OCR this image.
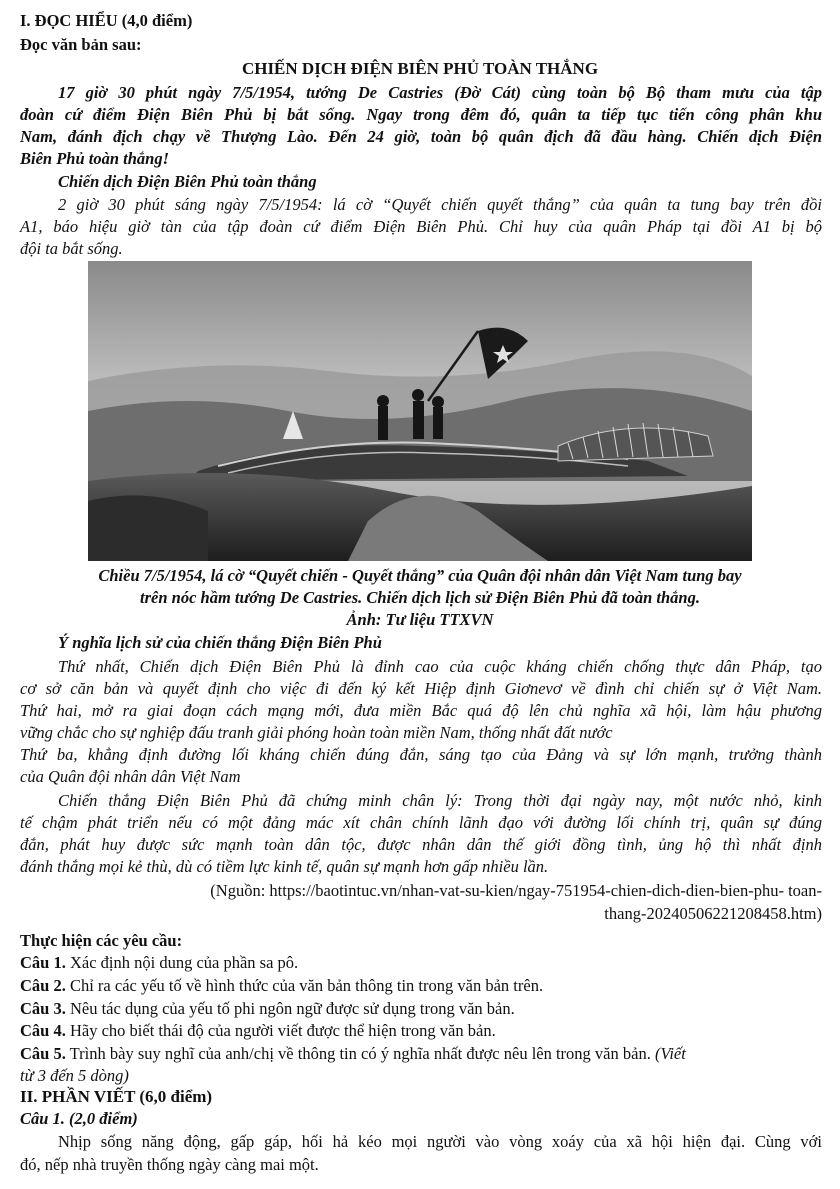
I. ĐỌC HIỂU (4,0 điểm)
Đọc văn bản sau:
CHIẾN DỊCH ĐIỆN BIÊN PHỦ TOÀN THẮNG
17 giờ 30 phút ngày 7/5/1954, tướng De Castries (Đờ Cát) cùng toàn bộ Bộ tham mưu của tập
đoàn cứ điểm Điện Biên Phủ bị bắt sống. Ngay trong đêm đó, quân ta tiếp tục tiến công phân khu
Nam, đánh địch chạy về Thượng Lào. Đến 24 giờ, toàn bộ quân địch đã đầu hàng. Chiến dịch Điện
Biên Phủ toàn thắng!
Chiến dịch Điện Biên Phủ toàn thắng
2 giờ 30 phút sáng ngày 7/5/1954: lá cờ “Quyết chiến quyết thắng” của quân ta tung bay trên đồi
A1, báo hiệu giờ tàn của tập đoàn cứ điểm Điện Biên Phủ. Chỉ huy của quân Pháp tại đồi A1 bị bộ
đội ta bắt sống.
Chiều 7/5/1954, lá cờ “Quyết chiến - Quyết thắng” của Quân đội nhân dân Việt Nam tung bay
trên nóc hầm tướng De Castries. Chiến dịch lịch sử Điện Biên Phủ đã toàn thắng.
Ảnh: Tư liệu TTXVN
Ý nghĩa lịch sử của chiến thắng Điện Biên Phủ
Thứ nhất, Chiến dịch Điện Biên Phủ là đỉnh cao của cuộc kháng chiến chống thực dân Pháp, tạo
cơ sở căn bản và quyết định cho việc đi đến ký kết Hiệp định Giơnevơ về đình chỉ chiến sự ở Việt Nam.
Thứ hai, mở ra giai đoạn cách mạng mới, đưa miền Bắc quá độ lên chủ nghĩa xã hội, làm hậu phương
vững chắc cho sự nghiệp đấu tranh giải phóng hoàn toàn miền Nam, thống nhất đất nước
Thứ ba, khẳng định đường lối kháng chiến đúng đắn, sáng tạo của Đảng và sự lớn mạnh, trưởng thành
của Quân đội nhân dân Việt Nam
Chiến thắng Điện Biên Phủ đã chứng minh chân lý: Trong thời đại ngày nay, một nước nhỏ, kinh
tế chậm phát triển nếu có một đảng mác xít chân chính lãnh đạo với đường lối chính trị, quân sự đúng
đắn, phát huy được sức mạnh toàn dân tộc, được nhân dân thế giới đồng tình, ủng hộ thì nhất định
đánh thắng mọi kẻ thù, dù có tiềm lực kinh tế, quân sự mạnh hơn gấp nhiều lần.
(Nguồn: https://baotintuc.vn/nhan-vat-su-kien/ngay-751954-chien-dich-dien-bien-phu- toan-
thang-20240506221208458.htm)
Thực hiện các yêu cầu:
Câu 1. Xác định nội dung của phần sa pô.
Câu 2. Chỉ ra các yếu tố về hình thức của văn bản thông tin trong văn bản trên.
Câu 3. Nêu tác dụng của yếu tố phi ngôn ngữ được sử dụng trong văn bản.
Câu 4. Hãy cho biết thái độ của người viết được thể hiện trong văn bản.
Câu 5. Trình bày suy nghĩ của anh/chị về thông tin có ý nghĩa nhất được nêu lên trong văn bản. (Viết
từ 3 đến 5 dòng)
II. PHẦN VIẾT (6,0 điểm)
Câu 1. (2,0 điểm)
Nhịp sống năng động, gấp gáp, hối hả kéo mọi người vào vòng xoáy của xã hội hiện đại. Cùng với
đó, nếp nhà truyền thống ngày càng mai một.
